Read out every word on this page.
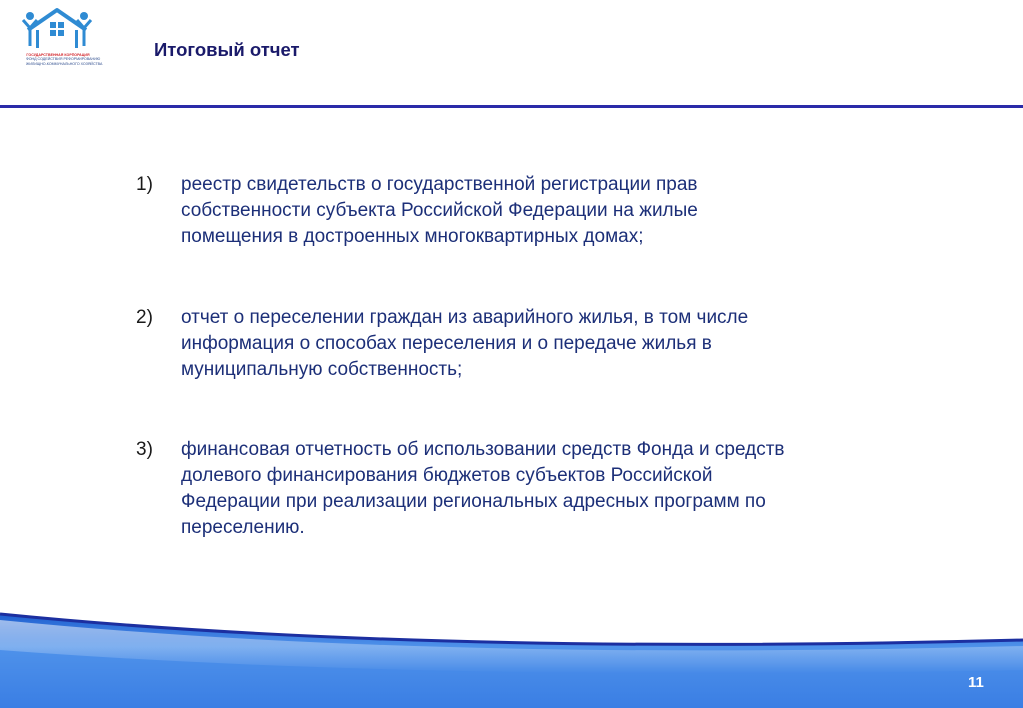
ГОСУДАРСТВЕННАЯ КОРПОРАЦИЯ
ФОНД СОДЕЙСТВИЯ РЕФОРМИРОВАНИЮ
ЖИЛИЩНО-КОММУНАЛЬНОГО ХОЗЯЙСТВА
Итоговый отчет
1) реестр свидетельств о государственной регистрации прав
собственности субъекта Российской Федерации на жилые
помещения в достроенных многоквартирных домах;
2) отчет о переселении граждан из аварийного жилья, в том числе
информация о способах переселения и о передаче жилья в
муниципальную собственность;
3) финансовая отчетность об использовании средств Фонда и средств
долевого финансирования бюджетов субъектов Российской
Федерации при реализации региональных адресных программ по
переселению.
11
